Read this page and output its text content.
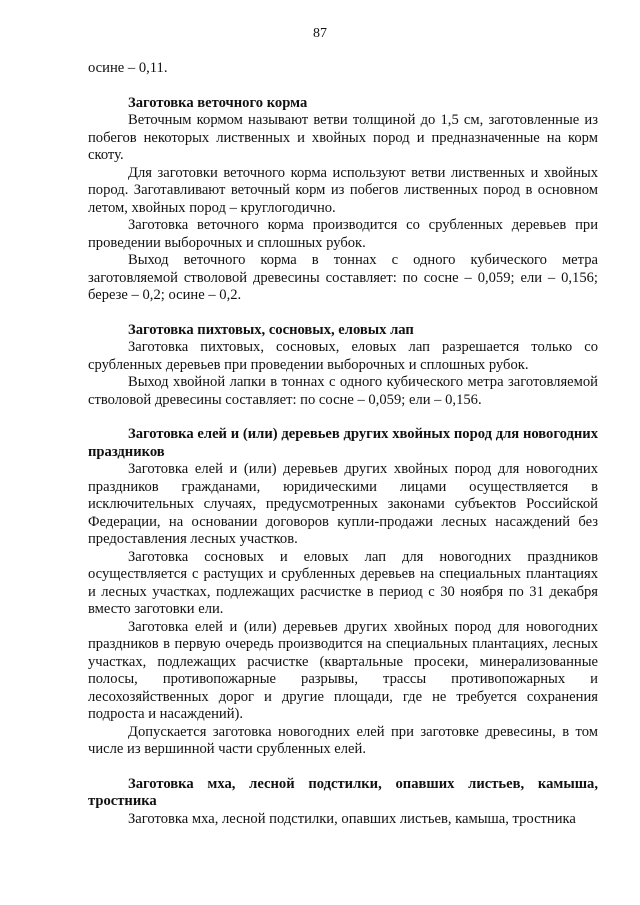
87

осине – 0,11.

Заготовка веточного корма

Веточным кормом называют ветви толщиной до 1,5 см, заготовленные из побегов некоторых лиственных и хвойных пород и предназначенные на корм скоту.

Для заготовки веточного корма используют ветви лиственных и хвойных пород. Заготавливают веточный корм из побегов лиственных пород в основном летом, хвойных пород – круглогодично.

Заготовка веточного корма производится со срубленных деревьев при проведении выборочных и сплошных рубок.

Выход веточного корма в тоннах с одного кубического метра заготовляемой стволовой древесины составляет: по сосне – 0,059; ели – 0,156; березе – 0,2; осине – 0,2.

Заготовка пихтовых, сосновых, еловых лап

Заготовка пихтовых, сосновых, еловых лап разрешается только со срубленных деревьев при проведении выборочных и сплошных рубок.

Выход хвойной лапки в тоннах с одного кубического метра заготовляемой стволовой древесины составляет: по сосне – 0,059; ели – 0,156.

Заготовка елей и (или) деревьев других хвойных пород для новогодних праздников

Заготовка елей и (или) деревьев других хвойных пород для новогодних праздников гражданами, юридическими лицами осуществляется в исключительных случаях, предусмотренных законами субъектов Российской Федерации, на основании договоров купли-продажи лесных насаждений без предоставления лесных участков.

Заготовка сосновых и еловых лап для новогодних праздников осуществляется с растущих и срубленных деревьев на специальных плантациях и лесных участках, подлежащих расчистке в период с 30 ноября по 31 декабря вместо заготовки ели.

Заготовка елей и (или) деревьев других хвойных пород для новогодних праздников в первую очередь производится на специальных плантациях, лесных участках, подлежащих расчистке (квартальные просеки, минерализованные полосы, противопожарные разрывы, трассы противопожарных и лесохозяйственных дорог и другие площади, где не требуется сохранения подроста и насаждений).

Допускается заготовка новогодних елей при заготовке древесины, в том числе из вершинной части срубленных елей.

Заготовка мха, лесной подстилки, опавших листьев, камыша, тростника

Заготовка мха, лесной подстилки, опавших листьев, камыша, тростника
